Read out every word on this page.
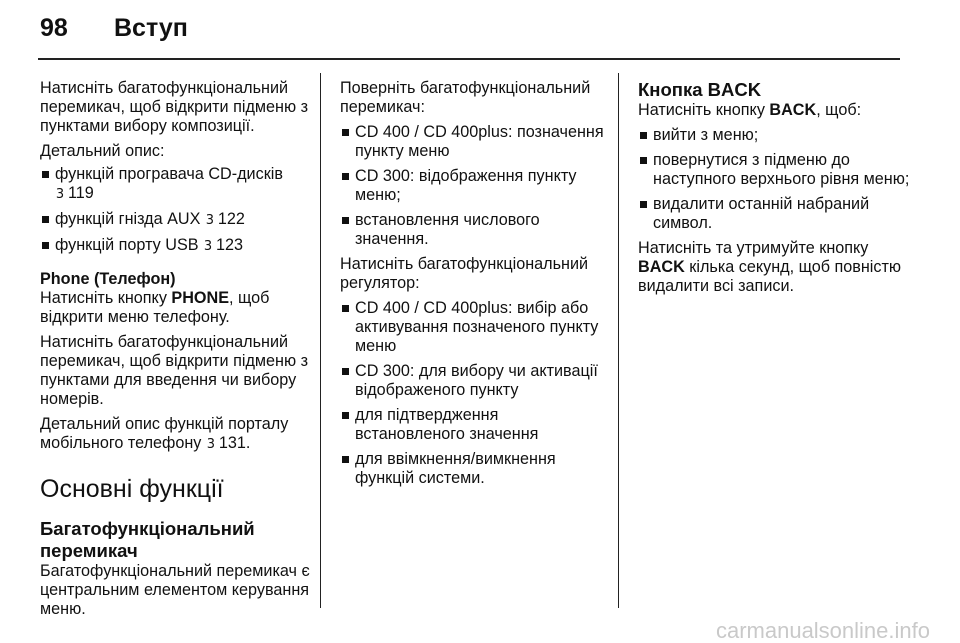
98	Вступ

Натисніть багатофункціональний перемикач, щоб відкрити підменю з пунктами вибору композиції.

Детальний опис:

функцій програвача CD-дисків
3 119
функцій гнізда AUX 3 122
функцій порту USB 3 123

Phone (Телефон)

Натисніть кнопку PHONE, щоб відкрити меню телефону.

Натисніть багатофункціональний перемикач, щоб відкрити підменю з пунктами для введення чи вибору номерів.

Детальний опис функцій порталу мобільного телефону 3 131.

Основні функції

Багатофункціональний перемикач

Багатофункціональний перемикач є центральним елементом керування меню.

Поверніть багатофункціональний перемикач:

CD 400 / CD 400plus: позначення пункту меню
CD 300: відображення пункту меню;
встановлення числового значення.

Натисніть багатофункціональний регулятор:

CD 400 / CD 400plus: вибір або активування позначеного пункту меню
CD 300: для вибору чи активації відображеного пункту
для підтвердження встановленого значення
для ввімкнення/вимкнення функцій системи.

Кнопка BACK

Натисніть кнопку BACK, щоб:

вийти з меню;
повернутися з підменю до наступного верхнього рівня меню;
видалити останній набраний символ.

Натисніть та утримуйте кнопку BACK кілька секунд, щоб повністю видалити всі записи.

carmanualsonline.info
